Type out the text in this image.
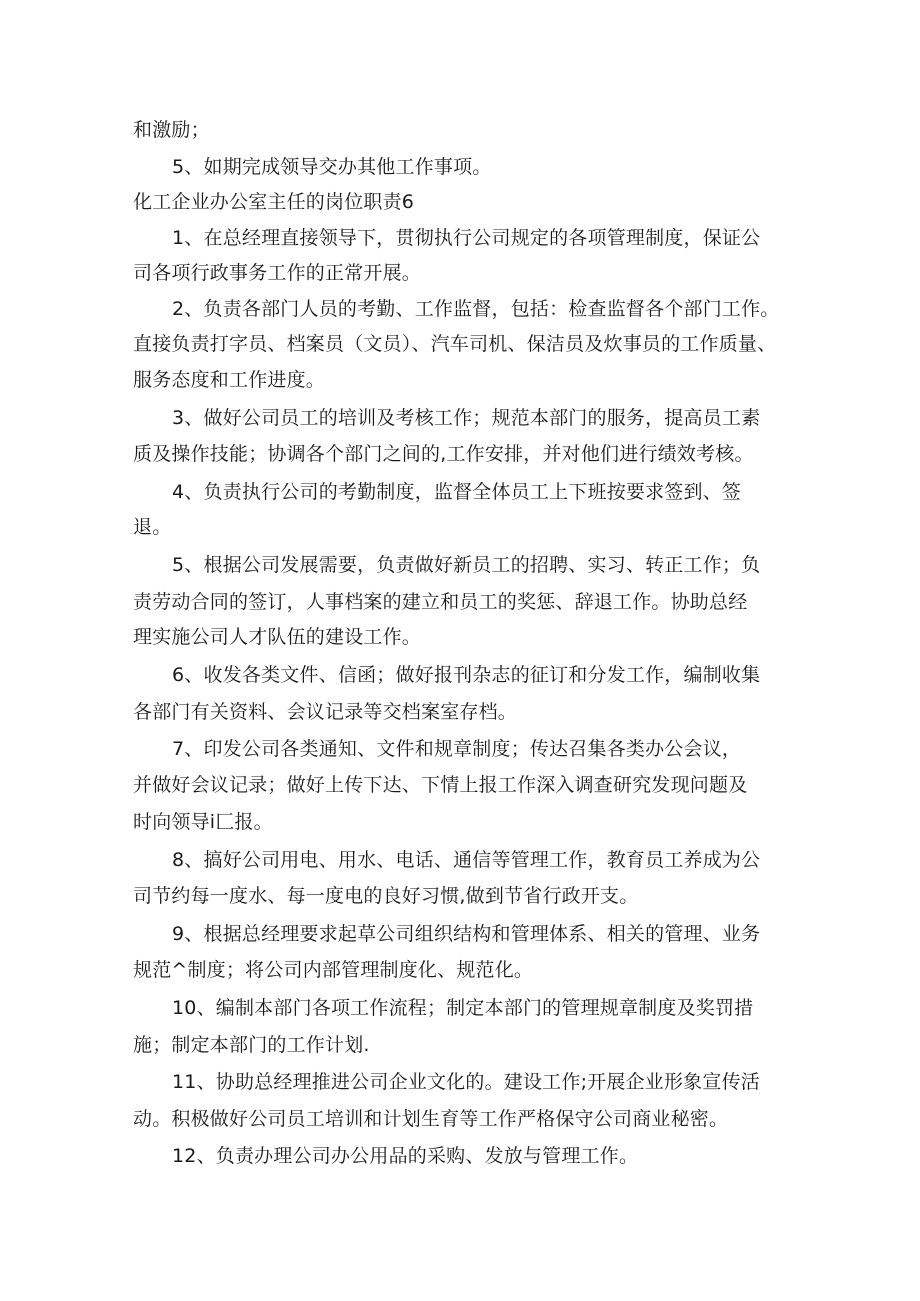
和激励；
5、如期完成领导交办其他工作事项。
化工企业办公室主任的岗位职责6
1、在总经理直接领导下，贯彻执行公司规定的各项管理制度，保证公
司各项行政事务工作的正常开展。
2、负责各部门人员的考勤、工作监督，包括：检查监督各个部门工作。
直接负责打字员、档案员（文员）、汽车司机、保洁员及炊事员的工作质量、
服务态度和工作进度。
3、做好公司员工的培训及考核工作；规范本部门的服务，提高员工素
质及操作技能；协调各个部门之间的,工作安排，并对他们进行绩效考核。
4、负责执行公司的考勤制度，监督全体员工上下班按要求签到、签
退。
5、根据公司发展需要，负责做好新员工的招聘、实习、转正工作；负
责劳动合同的签订，人事档案的建立和员工的奖惩、辞退工作。协助总经
理实施公司人才队伍的建设工作。
6、收发各类文件、信函；做好报刊杂志的征订和分发工作，编制收集
各部门有关资料、会议记录等交档案室存档。
7、印发公司各类通知、文件和规章制度；传达召集各类办公会议，
并做好会议记录；做好上传下达、下情上报工作深入调查研究发现问题及
时向领导i匚报。
8、搞好公司用电、用水、电话、通信等管理工作，教育员工养成为公
司节约每一度水、每一度电的良好习惯,做到节省行政开支。
9、根据总经理要求起草公司组织结构和管理体系、相关的管理、业务
规范^制度；将公司内部管理制度化、规范化。
10、编制本部门各项工作流程；制定本部门的管理规章制度及奖罚措
施；制定本部门的工作计划.
11、协助总经理推进公司企业文化的。建设工作;开展企业形象宣传活
动。积极做好公司员工培训和计划生育等工作严格保守公司商业秘密。
12、负责办理公司办公用品的采购、发放与管理工作。
